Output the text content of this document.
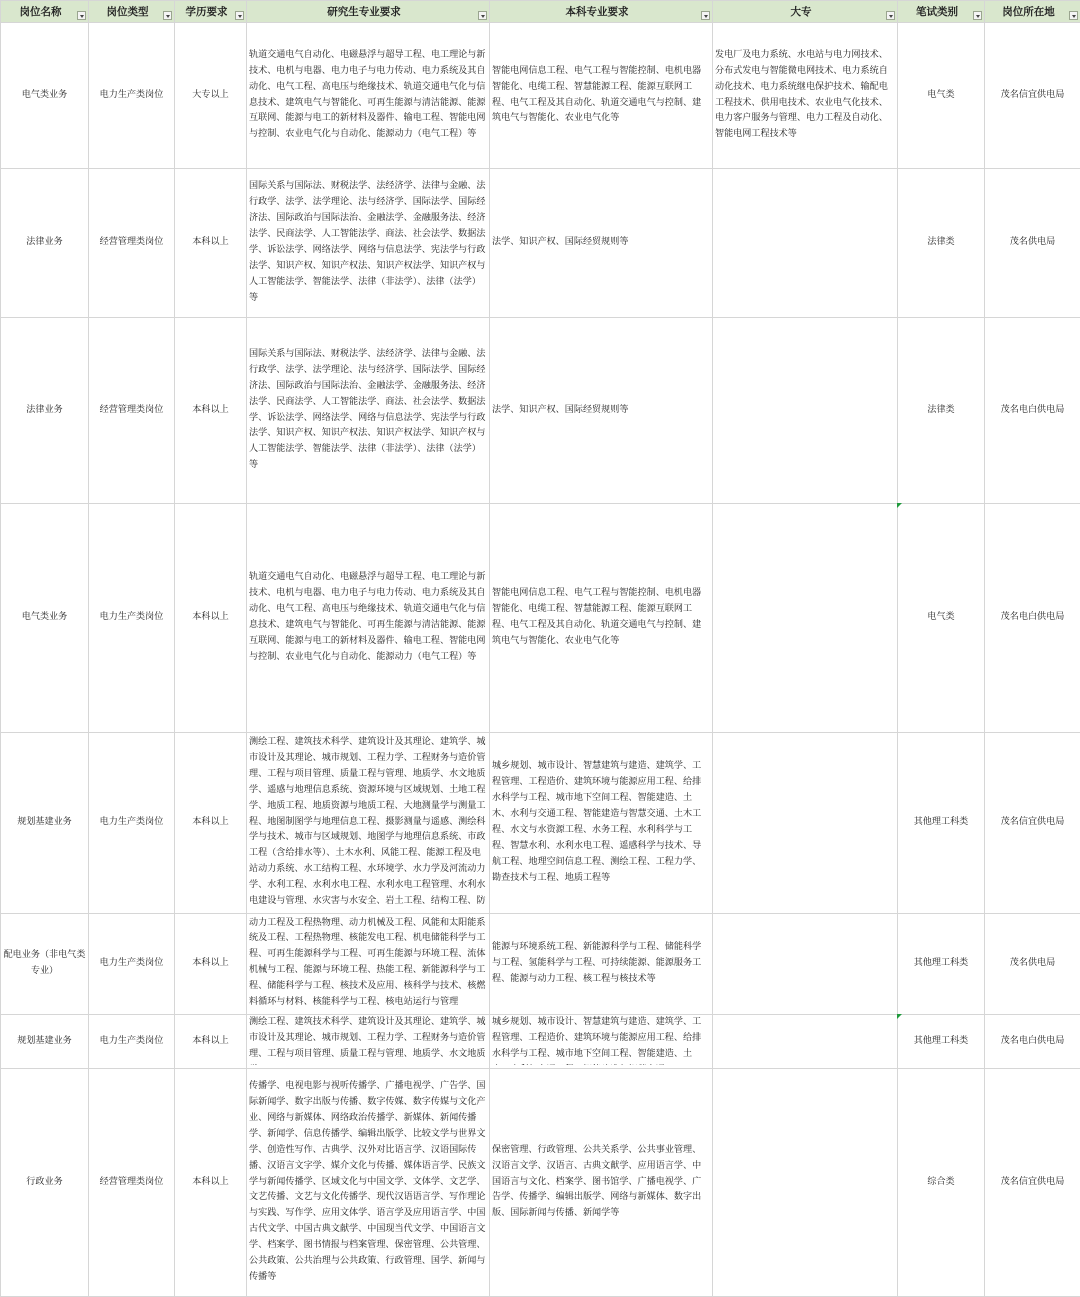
岗位名称	岗位类型	学历要求	研究生专业要求	本科专业要求	大专	笔试类别	岗位所在地

电气类业务	电力生产类岗位	大专以上	轨道交通电气自动化、电磁悬浮与超导工程、电工理论与新技术、电机与电器、电力电子与电力传动、电力系统及其自动化、电气工程、高电压与绝缘技术、轨道交通电气化与信息技术、建筑电气与智能化、可再生能源与清洁能源、能源互联网、能源与电工的新材料及器件、输电工程、智能电网与控制、农业电气化与自动化、能源动力（电气工程）等	智能电网信息工程、电气工程与智能控制、电机电器智能化、电缆工程、智慧能源工程、能源互联网工程、电气工程及其自动化、轨道交通电气与控制、建筑电气与智能化、农业电气化等	发电厂及电力系统、水电站与电力网技术、分布式发电与智能微电网技术、电力系统自动化技术、电力系统继电保护技术、输配电工程技术、供用电技术、农业电气化技术、电力客户服务与管理、电力工程及自动化、智能电网工程技术等	电气类	茂名信宜供电局
法律业务	经营管理类岗位	本科以上	国际关系与国际法、财税法学、法经济学、法律与金融、法行政学、法学、法学理论、法与经济学、国际法学、国际经济法、国际政治与国际法治、金融法学、金融服务法、经济法学、民商法学、人工智能法学、商法、社会法学、数据法学、诉讼法学、网络法学、网络与信息法学、宪法学与行政法学、知识产权、知识产权法、知识产权法学、知识产权与人工智能法学、智能法学、法律（非法学）、法律（法学）等	法学、知识产权、国际经贸规则等		法律类	茂名供电局
法律业务	经营管理类岗位	本科以上	国际关系与国际法、财税法学、法经济学、法律与金融、法行政学、法学、法学理论、法与经济学、国际法学、国际经济法、国际政治与国际法治、金融法学、金融服务法、经济法学、民商法学、人工智能法学、商法、社会法学、数据法学、诉讼法学、网络法学、网络与信息法学、宪法学与行政法学、知识产权、知识产权法、知识产权法学、知识产权与人工智能法学、智能法学、法律（非法学）、法律（法学）等	法学、知识产权、国际经贸规则等		法律类	茂名电白供电局
电气类业务	电力生产类岗位	本科以上	轨道交通电气自动化、电磁悬浮与超导工程、电工理论与新技术、电机与电器、电力电子与电力传动、电力系统及其自动化、电气工程、高电压与绝缘技术、轨道交通电气化与信息技术、建筑电气与智能化、可再生能源与清洁能源、能源互联网、能源与电工的新材料及器件、输电工程、智能电网与控制、农业电气化与自动化、能源动力（电气工程）等	智能电网信息工程、电气工程与智能控制、电机电器智能化、电缆工程、智慧能源工程、能源互联网工程、电气工程及其自动化、轨道交通电气与控制、建筑电气与智能化、农业电气化等		电气类	茂名电白供电局
规划基建业务	电力生产类岗位	本科以上	测绘工程、建筑技术科学、建筑设计及其理论、建筑学、城市设计及其理论、城市规划、工程力学、工程财务与造价管理、工程与项目管理、质量工程与管理、地质学、水文地质学、遥感与地理信息系统、资源环境与区域规划、土地工程学、地质工程、地质资源与地质工程、大地测量学与测量工程、地图制图学与地理信息工程、摄影测量与遥感、测绘科学与技术、城市与区域规划、地图学与地理信息系统、市政工程（含给排水等）、土木水利、风能工程、能源工程及电站动力系统、水工结构工程、水环境学、水力学及河流动力学、水利工程、水利水电工程、水利水电工程管理、水利水电建设与管理、水灾害与水安全、岩土工程、结构工程、防	城乡规划、城市设计、智慧建筑与建造、建筑学、工程管理、工程造价、建筑环境与能源应用工程、给排水科学与工程、城市地下空间工程、智能建造、土木、水利与交通工程、智能建造与智慧交通、土木工程、水文与水资源工程、水务工程、水利科学与工程、智慧水利、水利水电工程、遥感科学与技术、导航工程、地理空间信息工程、测绘工程、工程力学、勘查技术与工程、地质工程等		其他理工科类	茂名信宜供电局
配电业务（非电气类专业）	电力生产类岗位	本科以上	动力工程及工程热物理、动力机械及工程、风能和太阳能系统及工程、工程热物理、核能发电工程、机电储能科学与工程、可再生能源科学与工程、可再生能源与环境工程、流体机械与工程、能源与环境工程、热能工程、新能源科学与工程、储能科学与工程、核技术及应用、核科学与技术、核燃料循环与材料、核能科学与工程、核电站运行与管理	能源与环境系统工程、新能源科学与工程、储能科学与工程、氢能科学与工程、可持续能源、能源服务工程、能源与动力工程、核工程与核技术等		其他理工科类	茂名供电局
规划基建业务	电力生产类岗位	本科以上	测绘工程、建筑技术科学、建筑设计及其理论、建筑学、城市设计及其理论、城市规划、工程力学、工程财务与造价管理、工程与项目管理、质量工程与管理、地质学、水文地质	城乡规划、城市设计、智慧建筑与建造、建筑学、工程管理、工程造价、建筑环境与能源应用工程、给排水科学与工程、城市地下空间工程、智能建造、土		其他理工科类	茂名电白供电局
行政业务	经营管理类岗位	本科以上	传播学、电视电影与视听传播学、广播电视学、广告学、国际新闻学、数字出版与传播、数字传媒、数字传媒与文化产业、网络与新媒体、网络政治传播学、新媒体、新闻传播学、新闻学、信息传播学、编辑出版学、比较文学与世界文学、创造性写作、古典学、汉外对比语言学、汉语国际传播、汉语言文字学、媒介文化与传播、媒体语言学、民族文学与新闻传播学、区域文化与中国文学、文体学、文艺学、文艺传播、文艺与文化传播学、现代汉语语言学、写作理论与实践、写作学、应用文体学、语言学及应用语言学、中国古代文学、中国古典文献学、中国现当代文学、中国语言文学、档案学、图书情报与档案管理、保密管理、公共管理、公共政策、公共治理与公共政策、行政管理、国学、新闻与传播等	保密管理、行政管理、公共关系学、公共事业管理、汉语言文学、汉语言、古典文献学、应用语言学、中国语言与文化、档案学、图书馆学、广播电视学、广告学、传播学、编辑出版学、网络与新媒体、数字出版、国际新闻与传播、新闻学等		综合类	茂名信宜供电局
